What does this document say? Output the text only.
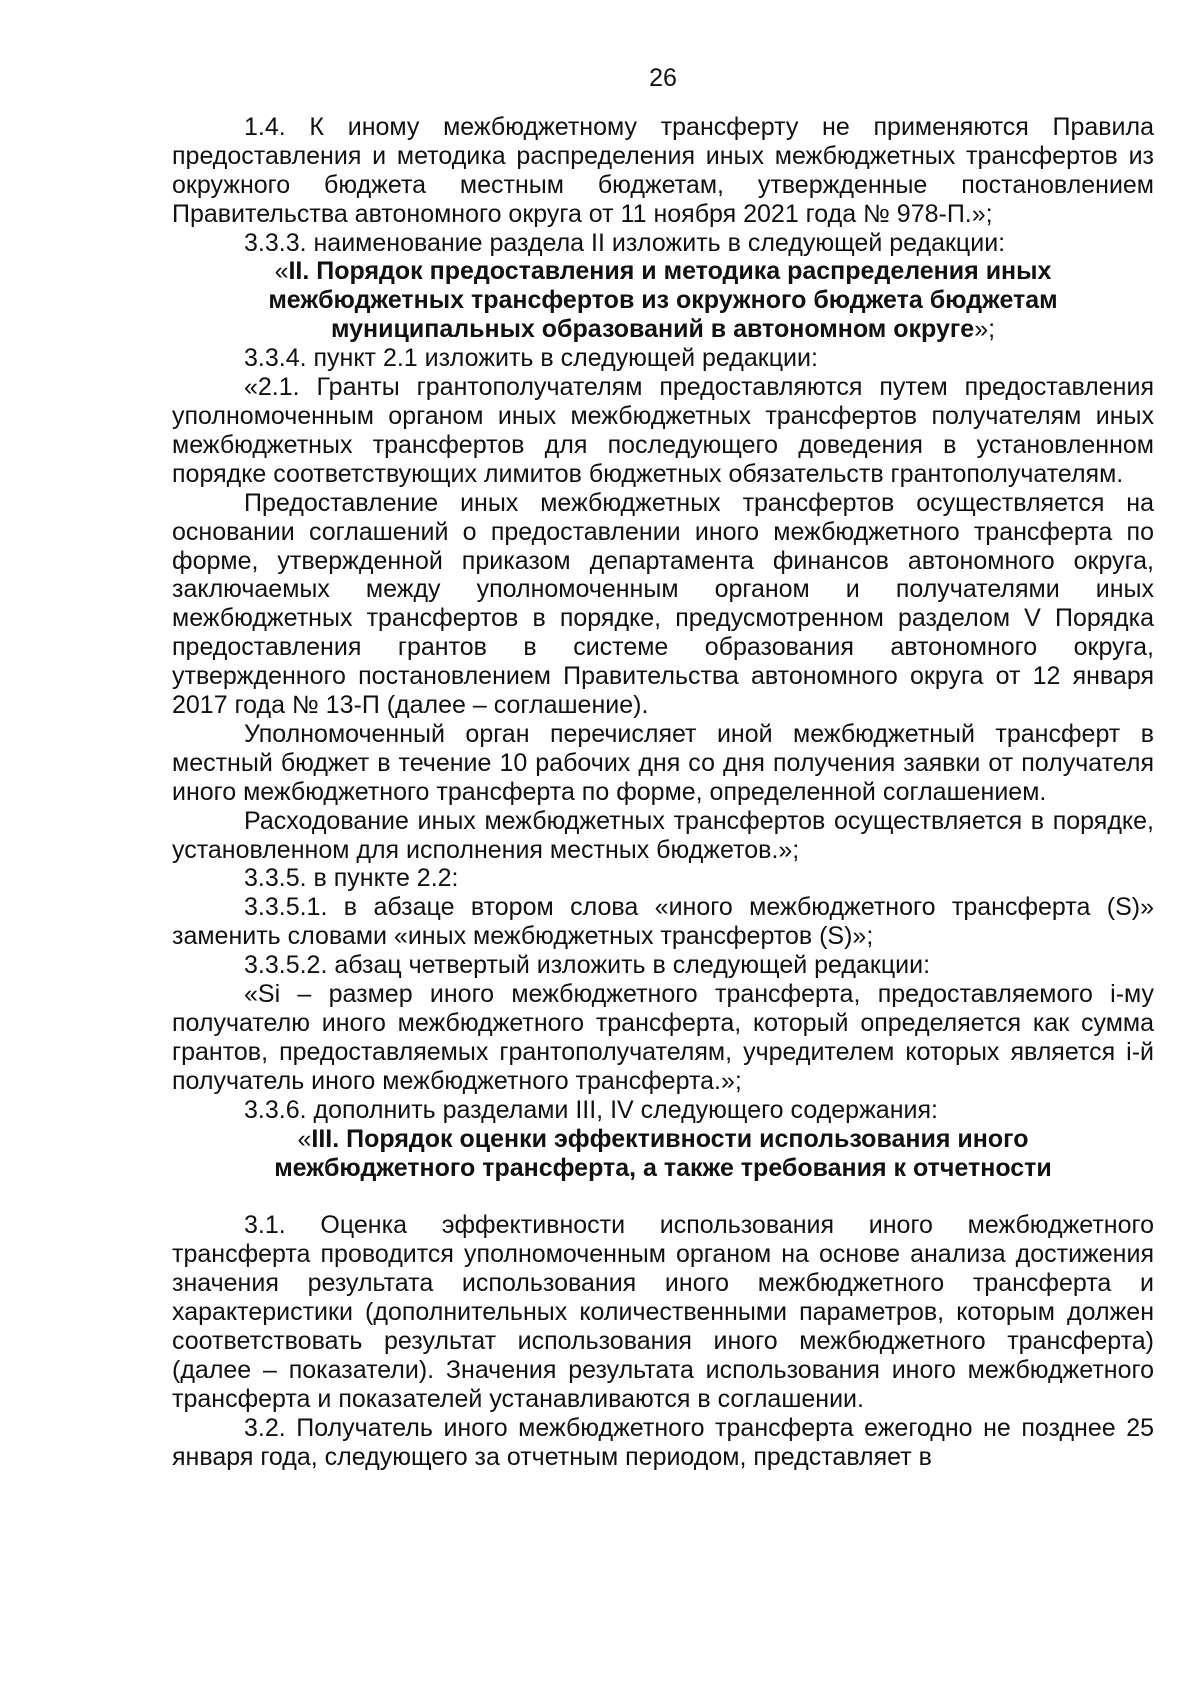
26

1.4. К иному межбюджетному трансферту не применяются Правила предоставления и методика распределения иных межбюджетных трансфертов из окружного бюджета местным бюджетам, утвержденные постановлением Правительства автономного округа от 11 ноября 2021 года № 978-П.»;

3.3.3. наименование раздела II изложить в следующей редакции:

«II. Порядок предоставления и методика распределения иных межбюджетных трансфертов из окружного бюджета бюджетам муниципальных образований в автономном округе»;

3.3.4. пункт 2.1 изложить в следующей редакции:

«2.1. Гранты грантополучателям предоставляются путем предоставления уполномоченным органом иных межбюджетных трансфертов получателям иных межбюджетных трансфертов для последующего доведения в установленном порядке соответствующих лимитов бюджетных обязательств грантополучателям.

Предоставление иных межбюджетных трансфертов осуществляется на основании соглашений о предоставлении иного межбюджетного трансферта по форме, утвержденной приказом департамента финансов автономного округа, заключаемых между уполномоченным органом и получателями иных межбюджетных трансфертов в порядке, предусмотренном разделом V Порядка предоставления грантов в системе образования автономного округа, утвержденного постановлением Правительства автономного округа от 12 января 2017 года № 13-П (далее – соглашение).

Уполномоченный орган перечисляет иной межбюджетный трансферт в местный бюджет в течение 10 рабочих дня со дня получения заявки от получателя иного межбюджетного трансферта по форме, определенной соглашением.

Расходование иных межбюджетных трансфертов осуществляется в порядке, установленном для исполнения местных бюджетов.»;

3.3.5. в пункте 2.2:

3.3.5.1. в абзаце втором слова «иного межбюджетного трансферта (S)» заменить словами «иных межбюджетных трансфертов (S)»;

3.3.5.2. абзац четвертый изложить в следующей редакции:

«Si – размер иного межбюджетного трансферта, предоставляемого i-му получателю иного межбюджетного трансферта, который определяется как сумма грантов, предоставляемых грантополучателям, учредителем которых является i-й получатель иного межбюджетного трансферта.»;

3.3.6. дополнить разделами III, IV следующего содержания:

«III. Порядок оценки эффективности использования иного межбюджетного трансферта, а также требования к отчетности

3.1. Оценка эффективности использования иного межбюджетного трансферта проводится уполномоченным органом на основе анализа достижения значения результата использования иного межбюджетного трансферта и характеристики (дополнительных количественными параметров, которым должен соответствовать результат использования иного межбюджетного трансферта) (далее – показатели). Значения результата использования иного межбюджетного трансферта и показателей устанавливаются в соглашении.

3.2. Получатель иного межбюджетного трансферта ежегодно не позднее 25 января года, следующего за отчетным периодом, представляет в
